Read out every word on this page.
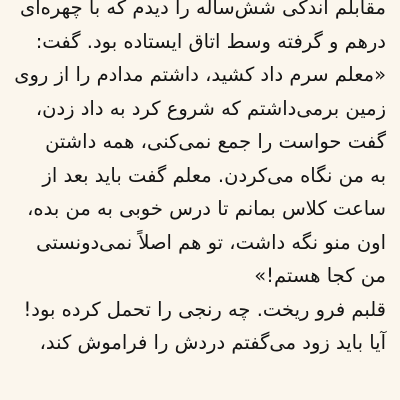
مقابلم اندکی شش‌ساله را دیدم که با چهره‌ای
درهم و گرفته وسط اتاق ایستاده بود. گفت:
«معلم سرم داد کشید، داشتم مدادم را از روی
زمین برمی‌داشتم که شروع کرد به داد زدن،
گفت حواست را جمع نمی‌کنی، همه داشتن
به من نگاه می‌کردن. معلم گفت باید بعد از
ساعت کلاس بمانم تا درس خوبی به من بده،
اون منو نگه داشت، تو هم اصلاً نمی‌دونستی
من کجا هستم!»
قلبم فرو ریخت. چه رنجی را تحمل کرده بود!
آیا باید زود می‌گفتم دردش را فراموش کند،
